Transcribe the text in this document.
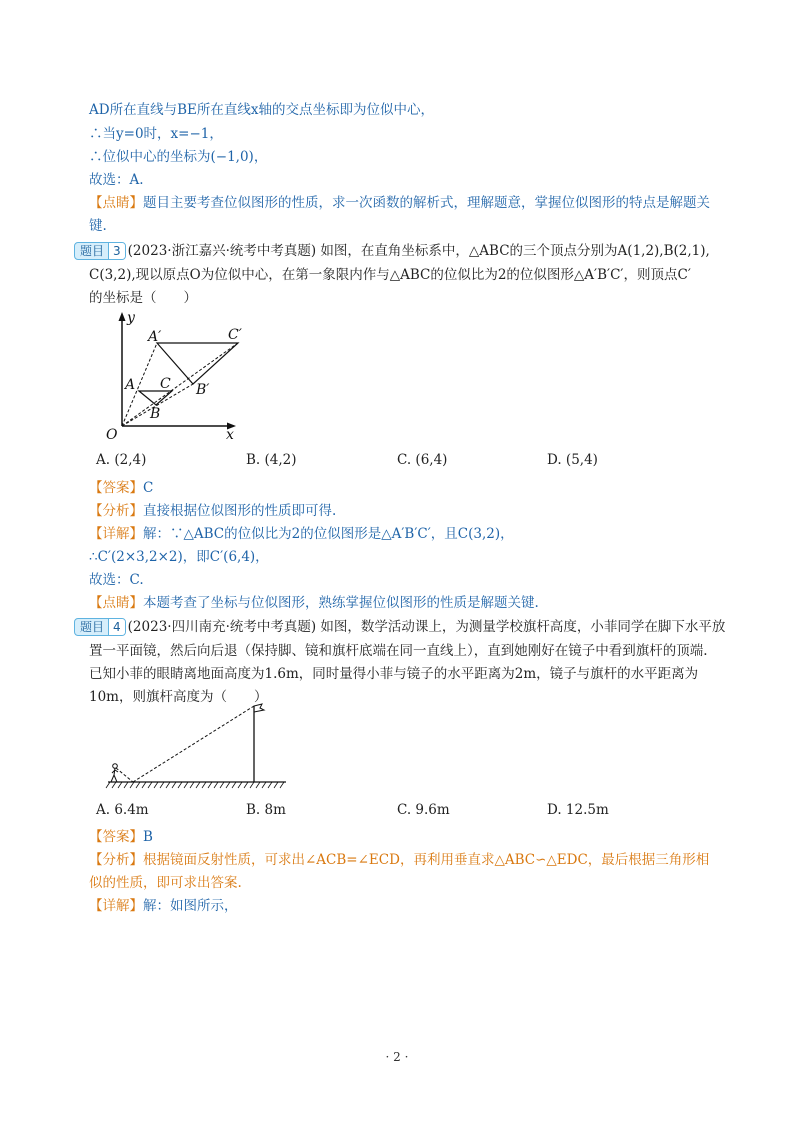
AD所在直线与BE所在直线x轴的交点坐标即为位似中心，
∴当y=0时，x=−1，
∴位似中心的坐标为(−1,0)，
故选：A.
【点睛】题目主要考查位似图形的性质，求一次函数的解析式，理解题意，掌握位似图形的特点是解题关
键.
题目 3 (2023·浙江嘉兴·统考中考真题) 如图，在直角坐标系中，△ABC的三个顶点分别为A(1,2),B(2,1),
C(3,2),现以原点O为位似中心，在第一象限内作与△ABC的位似比为2的位似图形△A′B′C′，则顶点C′
的坐标是（　　）
y
x
O
A
B
C
A′
B′
C′
A. (2,4)	B. (4,2)	C. (6,4)	D. (5,4)
【答案】C
【分析】直接根据位似图形的性质即可得.
【详解】解：∵△ABC的位似比为2的位似图形是△A′B′C′，且C(3,2)，
∴C′(2×3,2×2)，即C′(6,4)，
故选：C.
【点睛】本题考查了坐标与位似图形，熟练掌握位似图形的性质是解题关键.
题目 4 (2023·四川南充·统考中考真题) 如图，数学活动课上，为测量学校旗杆高度，小菲同学在脚下水平放
置一平面镜，然后向后退（保持脚、镜和旗杆底端在同一直线上），直到她刚好在镜子中看到旗杆的顶端.
已知小菲的眼睛离地面高度为1.6m，同时量得小菲与镜子的水平距离为2m，镜子与旗杆的水平距离为
10m，则旗杆高度为（　　）
A. 6.4m	B. 8m	C. 9.6m	D. 12.5m
【答案】B
【分析】根据镜面反射性质，可求出∠ACB=∠ECD，再利用垂直求△ABC∽△EDC，最后根据三角形相
似的性质，即可求出答案.
【详解】解：如图所示，
· 2 ·
